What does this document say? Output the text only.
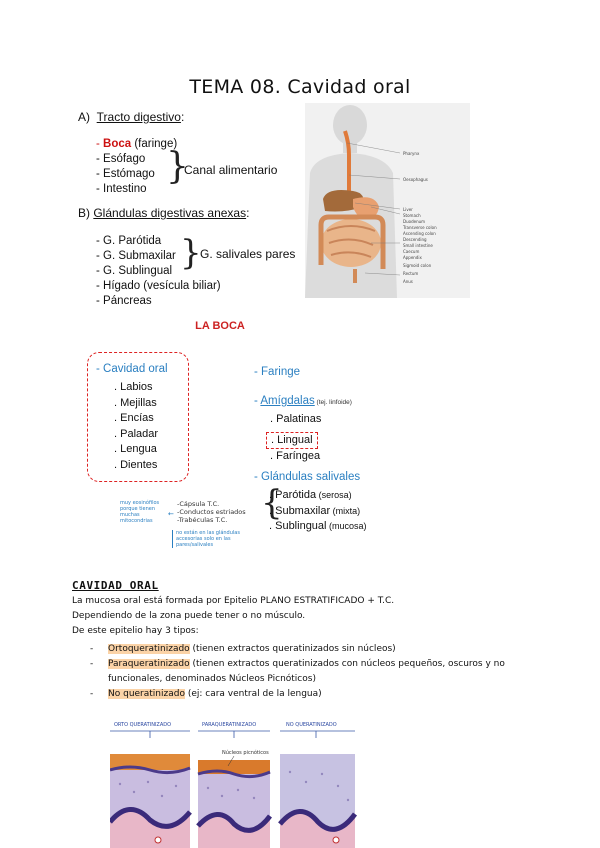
TEMA 08. Cavidad oral
A) Tracto digestivo:
- Boca (faringe)
- Esófago
- Estómago
- Intestino
}
Canal alimentario
B) Glándulas digestivas anexas:
- G. Parótida
- G. Submaxilar
- G. Sublingual
- Hígado (vesícula biliar)
- Páncreas
}
G. salivales pares
Pharynx
Oesophagus
Liver
Stomach
Duodenum
Transverse colon
Ascending colon
Descending
Small intestine
Caecum
Appendix
Sigmoid colon
Rectum
Anus
LA BOCA
- Cavidad oral
. Labios
. Mejillas
. Encías
. Paladar
. Lengua
. Dientes
- Faringe
- Amígdalas (tej. linfoide)
. Palatinas
. Lingual
. Faríngea
- Glándulas salivales
}
. Parótida (serosa)
. Submaxilar (mixta)
. Sublingual (mucosa)
muy eosinófilos
porque tienen
muchas
mitocondrias
←
-Cápsula T.C.
-Conductos estriados
-Trabéculas T.C.
no están en las glándulas
accesorias solo en las
pares/salivales
CAVIDAD ORAL
La mucosa oral está formada por Epitelio PLANO ESTRATIFICADO + T.C.
Dependiendo de la zona puede tener o no músculo.
De este epitelio hay 3 tipos:
-	Ortoqueratinizado (tienen extractos queratinizados sin núcleos)
-	Paraqueratinizado (tienen extractos queratinizados con núcleos pequeños, oscuros y no funcionales, denominados Núcleos Picnóticos)
-	No queratinizado (ej: cara ventral de la lengua)
ORTO QUERATINIZADO	PARAQUERATINIZADO	NO QUERATINIZADO
Núcleos picnóticos
